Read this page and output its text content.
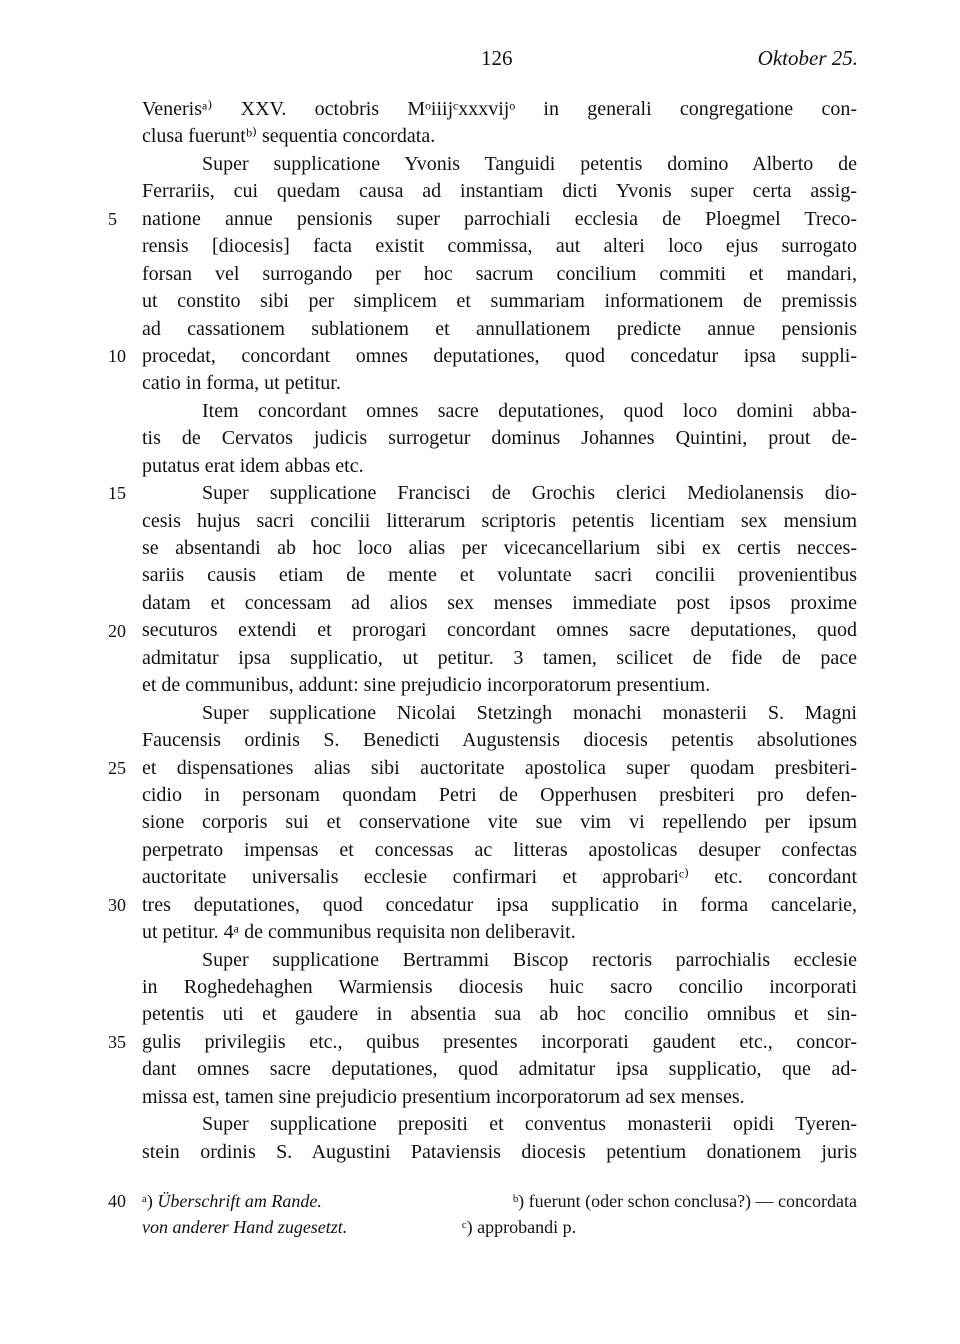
126	Oktober 25.
5
10
15
20
25
30
35
Venerisᵃ⁾ XXV. octobris Mᵒiiijᶜxxxvijᵒ in generali congregatione con-
clusa fueruntᵇ⁾ sequentia concordata.
Super supplicatione Yvonis Tanguidi petentis domino Alberto de
Ferrariis, cui quedam causa ad instantiam dicti Yvonis super certa assig-
natione annue pensionis super parrochiali ecclesia de Ploegmel Treco-
rensis [diocesis] facta existit commissa, aut alteri loco ejus surrogato
forsan vel surrogando per hoc sacrum concilium commiti et mandari,
ut constito sibi per simplicem et summariam informationem de premissis
ad cassationem sublationem et annullationem predicte annue pensionis
procedat, concordant omnes deputationes, quod concedatur ipsa suppli-
catio in forma, ut petitur.
Item concordant omnes sacre deputationes, quod loco domini abba-
tis de Cervatos judicis surrogetur dominus Johannes Quintini, prout de-
putatus erat idem abbas etc.
Super supplicatione Francisci de Grochis clerici Mediolanensis dio-
cesis hujus sacri concilii litterarum scriptoris petentis licentiam sex mensium
se absentandi ab hoc loco alias per vicecancellarium sibi ex certis necces-
sariis causis etiam de mente et voluntate sacri concilii provenientibus
datam et concessam ad alios sex menses immediate post ipsos proxime
secuturos extendi et prorogari concordant omnes sacre deputationes, quod
admitatur ipsa supplicatio, ut petitur. 3 tamen, scilicet de fide de pace
et de communibus, addunt: sine prejudicio incorporatorum presentium.
Super supplicatione Nicolai Stetzingh monachi monasterii S. Magni
Faucensis ordinis S. Benedicti Augustensis diocesis petentis absolutiones
et dispensationes alias sibi auctoritate apostolica super quodam presbiteri-
cidio in personam quondam Petri de Opperhusen presbiteri pro defen-
sione corporis sui et conservatione vite sue vim vi repellendo per ipsum
perpetrato impensas et concessas ac litteras apostolicas desuper confectas
auctoritate universalis ecclesie confirmari et approbariᶜ⁾ etc. concordant
tres deputationes, quod concedatur ipsa supplicatio in forma cancelarie,
ut petitur. 4ᵃ de communibus requisita non deliberavit.
Super supplicatione Bertrammi Biscop rectoris parrochialis ecclesie
in Roghedehaghen Warmiensis diocesis huic sacro concilio incorporati
petentis uti et gaudere in absentia sua ab hoc concilio omnibus et sin-
gulis privilegiis etc., quibus presentes incorporati gaudent etc., concor-
dant omnes sacre deputationes, quod admitatur ipsa supplicatio, que ad-
missa est, tamen sine prejudicio presentium incorporatorum ad sex menses.
Super supplicatione prepositi et conventus monasterii opidi Tyeren-
stein ordinis S. Augustini Pataviensis diocesis petentium donationem juris
40 ᵃ) Überschrift am Rande.	ᵇ) fuerunt (oder schon conclusa?) — concordata
von anderer Hand zugesetzt.	ᶜ) approbandi p.
